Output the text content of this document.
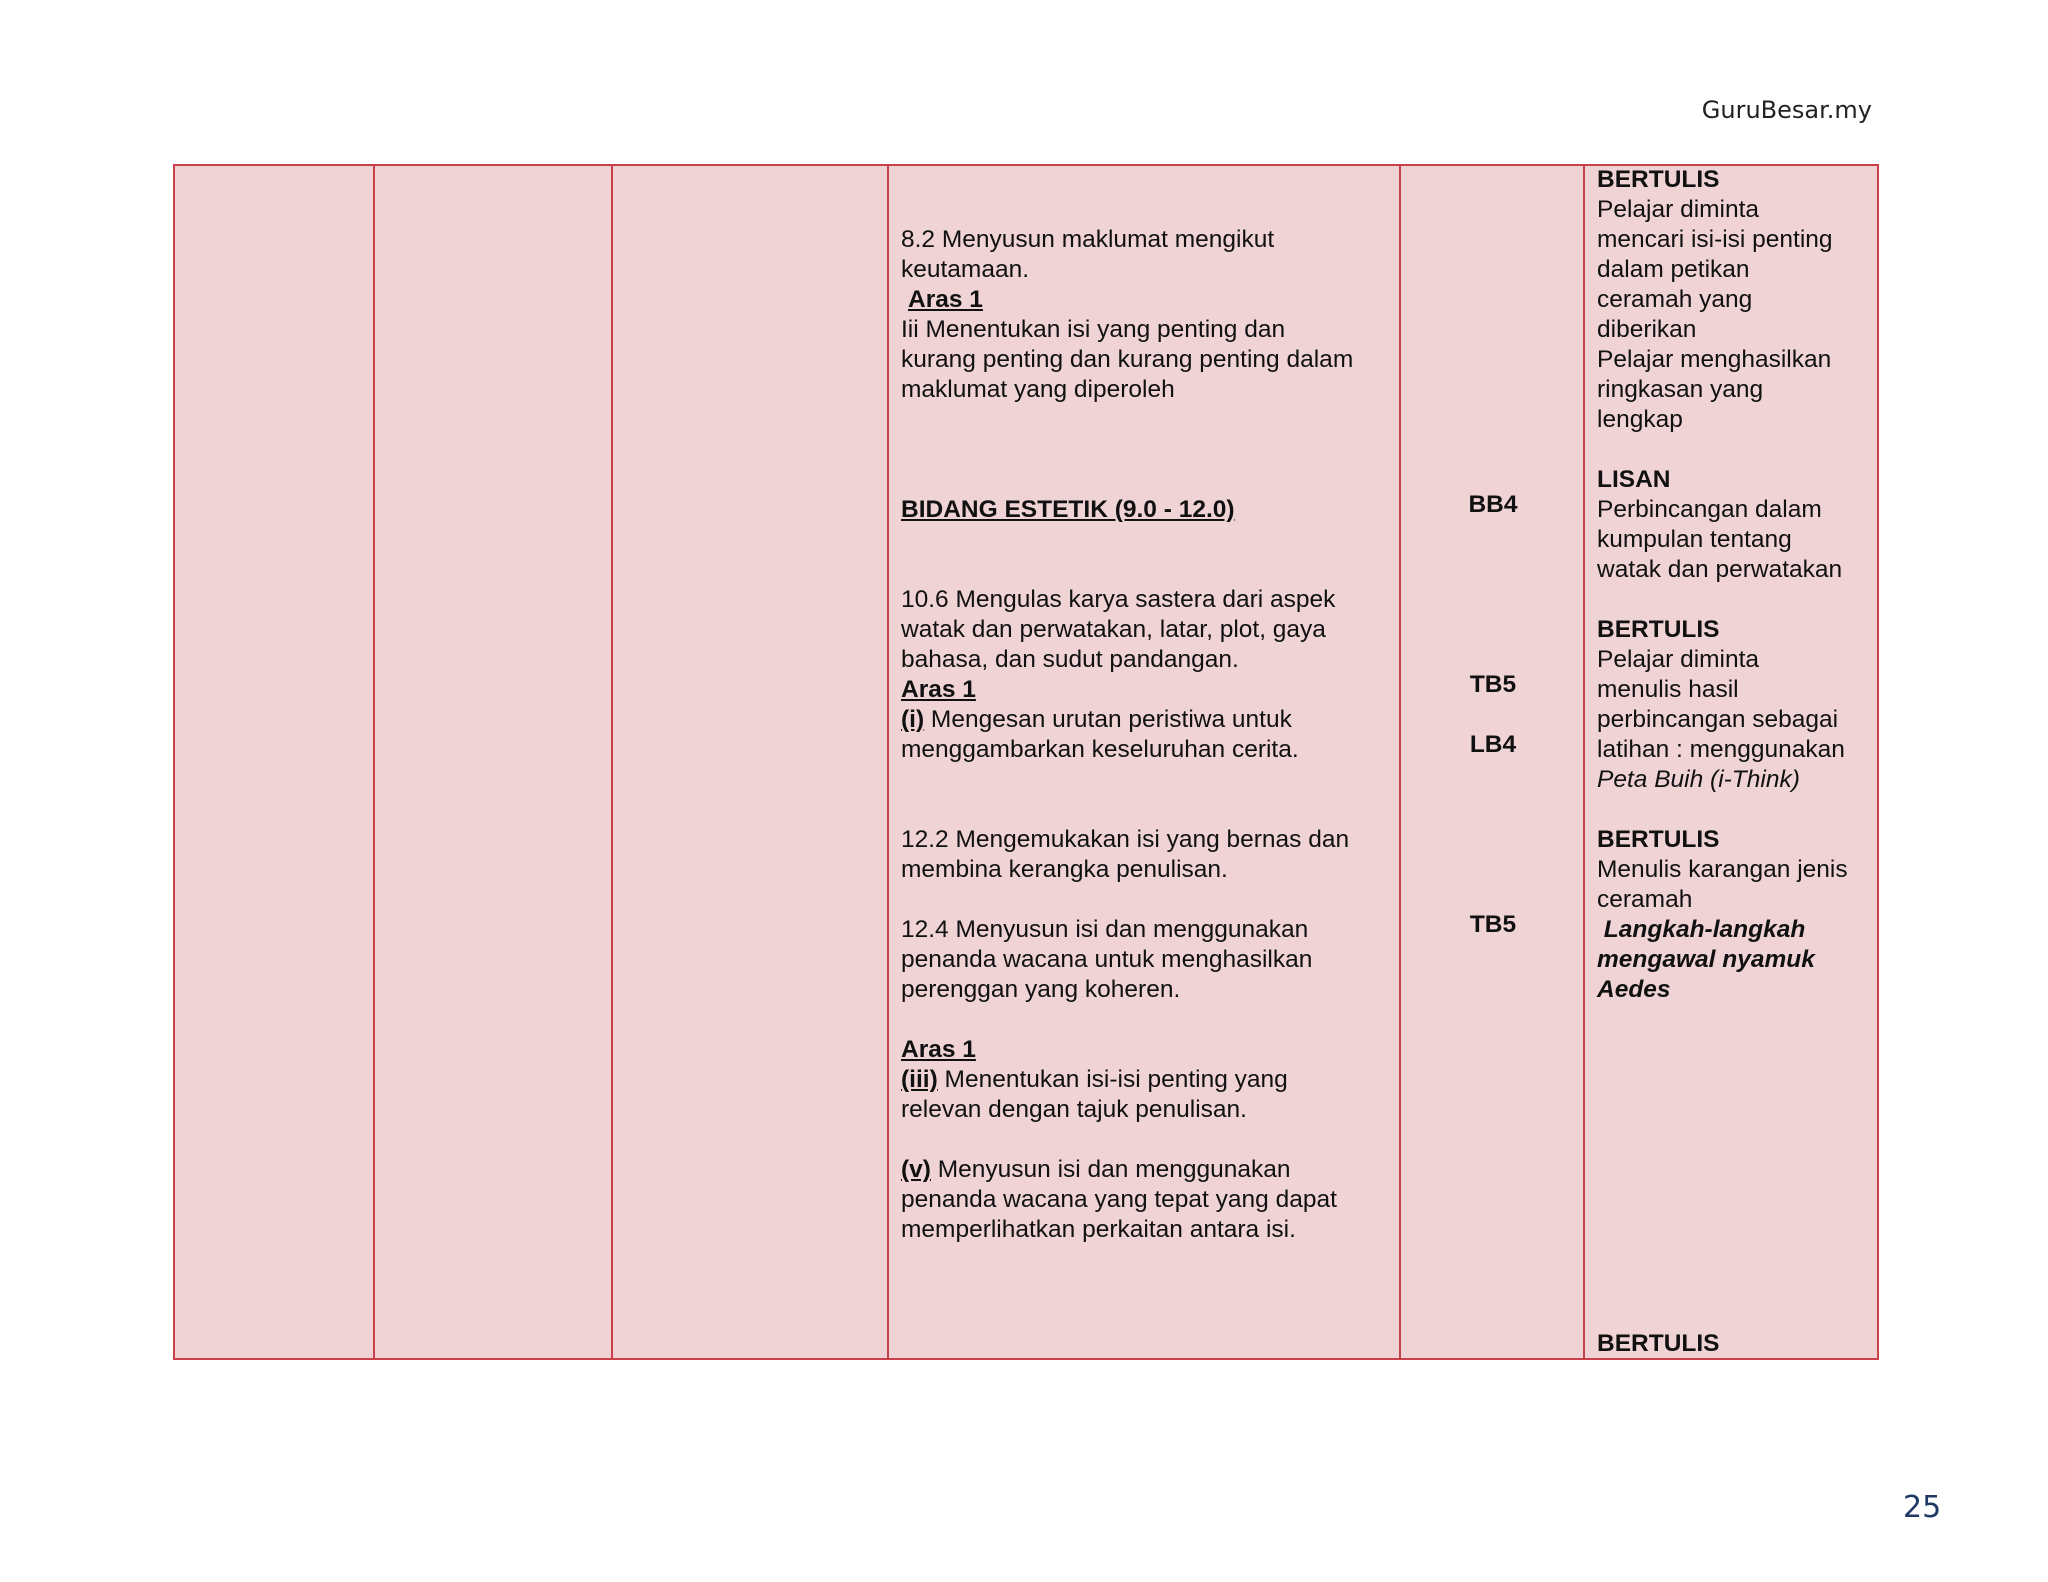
GuruBesar.my

8.2 Menyusun maklumat mengikut

keutamaan.

Aras 1

Iii Menentukan isi yang penting dan

kurang penting dan kurang penting dalam

maklumat yang diperoleh

BIDANG ESTETIK (9.0 - 12.0)

10.6 Mengulas karya sastera dari aspek

watak dan perwatakan, latar, plot, gaya

bahasa, dan sudut pandangan.

Aras 1

(i) Mengesan urutan peristiwa untuk

menggambarkan keseluruhan cerita.

12.2 Mengemukakan isi yang bernas dan

membina kerangka penulisan.

12.4 Menyusun isi dan menggunakan

penanda wacana untuk menghasilkan

perenggan yang koheren.

Aras 1

(iii) Menentukan isi-isi penting yang

relevan dengan tajuk penulisan.

(v) Menyusun isi dan menggunakan

penanda wacana yang tepat yang dapat

memperlihatkan perkaitan antara isi.

BB4

TB5

LB4

TB5

BERTULIS

Pelajar diminta

mencari isi-isi penting

dalam petikan

ceramah yang

diberikan

Pelajar menghasilkan

ringkasan yang

lengkap

LISAN

Perbincangan dalam

kumpulan tentang

watak dan perwatakan

BERTULIS

Pelajar diminta

menulis hasil

perbincangan sebagai

latihan : menggunakan

Peta Buih (i-Think)

BERTULIS

Menulis karangan jenis

ceramah

Langkah-langkah

mengawal nyamuk

Aedes

BERTULIS

25
